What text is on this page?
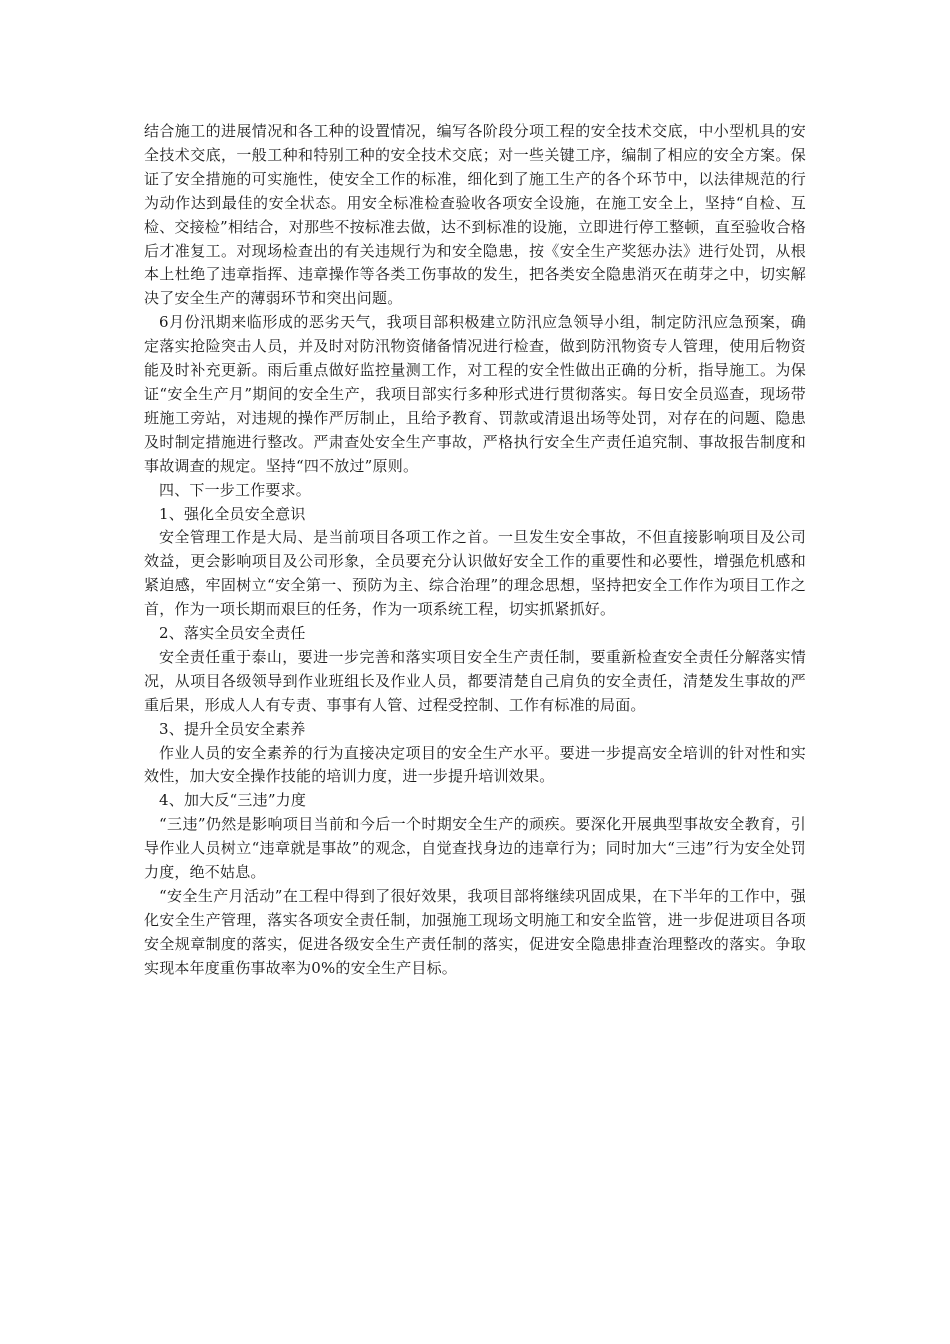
结合施工的进展情况和各工种的设置情况，编写各阶段分项工程的安全技术交底，中小型机具的安全技术交底，一般工种和特别工种的安全技术交底；对一些关键工序，编制了相应的安全方案。保证了安全措施的可实施性，使安全工作的标准，细化到了施工生产的各个环节中，以法律规范的行为动作达到最佳的安全状态。用安全标准检查验收各项安全设施，在施工安全上，坚持“自检、互检、交接检”相结合，对那些不按标准去做，达不到标准的设施，立即进行停工整顿，直至验收合格后才准复工。对现场检查出的有关违规行为和安全隐患，按《安全生产奖惩办法》进行处罚，从根本上杜绝了违章指挥、违章操作等各类工伤事故的发生，把各类安全隐患消灭在萌芽之中，切实解决了安全生产的薄弱环节和突出问题。

6月份汛期来临形成的恶劣天气，我项目部积极建立防汛应急领导小组，制定防汛应急预案，确定落实抢险突击人员，并及时对防汛物资储备情况进行检查，做到防汛物资专人管理，使用后物资能及时补充更新。雨后重点做好监控量测工作，对工程的安全性做出正确的分析，指导施工。为保证“安全生产月”期间的安全生产，我项目部实行多种形式进行贯彻落实。每日安全员巡查，现场带班施工旁站，对违规的操作严厉制止，且给予教育、罚款或清退出场等处罚，对存在的问题、隐患及时制定措施进行整改。严肃查处安全生产事故，严格执行安全生产责任追究制、事故报告制度和事故调查的规定。坚持“四不放过”原则。

四、下一步工作要求。

1、强化全员安全意识

安全管理工作是大局、是当前项目各项工作之首。一旦发生安全事故，不但直接影响项目及公司效益，更会影响项目及公司形象，全员要充分认识做好安全工作的重要性和必要性，增强危机感和紧迫感，牢固树立“安全第一、预防为主、综合治理”的理念思想，坚持把安全工作作为项目工作之首，作为一项长期而艰巨的任务，作为一项系统工程，切实抓紧抓好。

2、落实全员安全责任

安全责任重于泰山，要进一步完善和落实项目安全生产责任制，要重新检查安全责任分解落实情况，从项目各级领导到作业班组长及作业人员，都要清楚自己肩负的安全责任，清楚发生事故的严重后果，形成人人有专责、事事有人管、过程受控制、工作有标准的局面。

3、提升全员安全素养

作业人员的安全素养的行为直接决定项目的安全生产水平。要进一步提高安全培训的针对性和实效性，加大安全操作技能的培训力度，进一步提升培训效果。

4、加大反“三违”力度

“三违”仍然是影响项目当前和今后一个时期安全生产的顽疾。要深化开展典型事故安全教育，引导作业人员树立“违章就是事故”的观念，自觉查找身边的违章行为；同时加大“三违”行为安全处罚力度，绝不姑息。

“安全生产月活动”在工程中得到了很好效果，我项目部将继续巩固成果，在下半年的工作中，强化安全生产管理，落实各项安全责任制，加强施工现场文明施工和安全监管，进一步促进项目各项安全规章制度的落实，促进各级安全生产责任制的落实，促进安全隐患排查治理整改的落实。争取实现本年度重伤事故率为0%的安全生产目标。
